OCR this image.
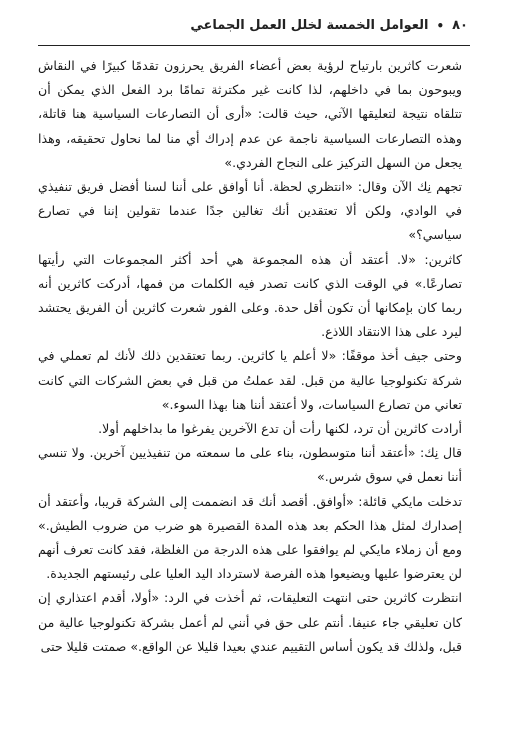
٨٠
•
العوامل الخمسة لخلل العمل الجماعي

شعرت كاثرين بارتياح لرؤية بعض أعضاء الفريق يحرزون تقدمًا كبيرًا في النقاش ويبوحون بما في داخلهم، لذا كانت غير مكترثة تمامًا برد الفعل الذي يمكن أن تتلقاه نتيجة لتعليقها الآتي، حيث قالت: «أرى أن التصارعات السياسية هنا قاتلة، وهذه التصارعات السياسية ناجمة عن عدم إدراك أي منا لما نحاول تحقيقه، وهذا يجعل من السهل التركيز على النجاح الفردي.»

تجهم نِك الآن وقال: «انتظري لحظة. أنا أوافق على أننا لسنا أفضل فريق تنفيذي في الوادي، ولكن ألا تعتقدين أنك تغالين جدًا عندما تقولين إننا في تصارع سياسي؟»

كاثرين: «لا. أعتقد أن هذه المجموعة هي أحد أكثر المجموعات التي رأيتها تصارعًا.» في الوقت الذي كانت تصدر فيه الكلمات من فمها، أدركت كاثرين أنه ربما كان بإمكانها أن تكون أقل حدة. وعلى الفور شعرت كاثرين أن الفريق يحتشد ليرد على هذا الانتقاد اللاذع.

وحتى جيف أخذ موقفًا: «لا أعلم يا كاثرين. ربما تعتقدين ذلك لأنك لم تعملي في شركة تكنولوجيا عالية من قبل. لقد عملتُ من قبل في بعض الشركات التي كانت تعاني من تصارع السياسات، ولا أعتقد أننا هنا بهذا السوء.»

أرادت كاثرين أن ترد، لكنها رأت أن تدع الآخرين يفرغوا ما بداخلهم أولا.

قال نِك: «أعتقد أننا متوسطون، بناء على ما سمعته من تنفيذيين آخرين. ولا تنسي أننا نعمل في سوق شرس.»

تدخلت مايكي قائلة: «أوافق. أقصد أنك قد انضممت إلى الشركة قريبا، وأعتقد أن إصدارك لمثل هذا الحكم بعد هذه المدة القصيرة هو ضرب من ضروب الطيش.» ومع أن زملاء مايكي لم يوافقوا على هذه الدرجة من الغلظة، فقد كانت تعرف أنهم لن يعترضوا عليها ويضيعوا هذه الفرصة لاسترداد اليد العليا على رئيستهم الجديدة.

انتظرت كاثرين حتى انتهت التعليقات، ثم أخذت في الرد: «أولا، أقدم اعتذاري إن كان تعليقي جاء عنيفا. أنتم على حق في أنني لم أعمل بشركة تكنولوجيا عالية من قبل، ولذلك قد يكون أساس التقييم عندي بعيدا قليلا عن الواقع.» صمتت قليلا حتى
